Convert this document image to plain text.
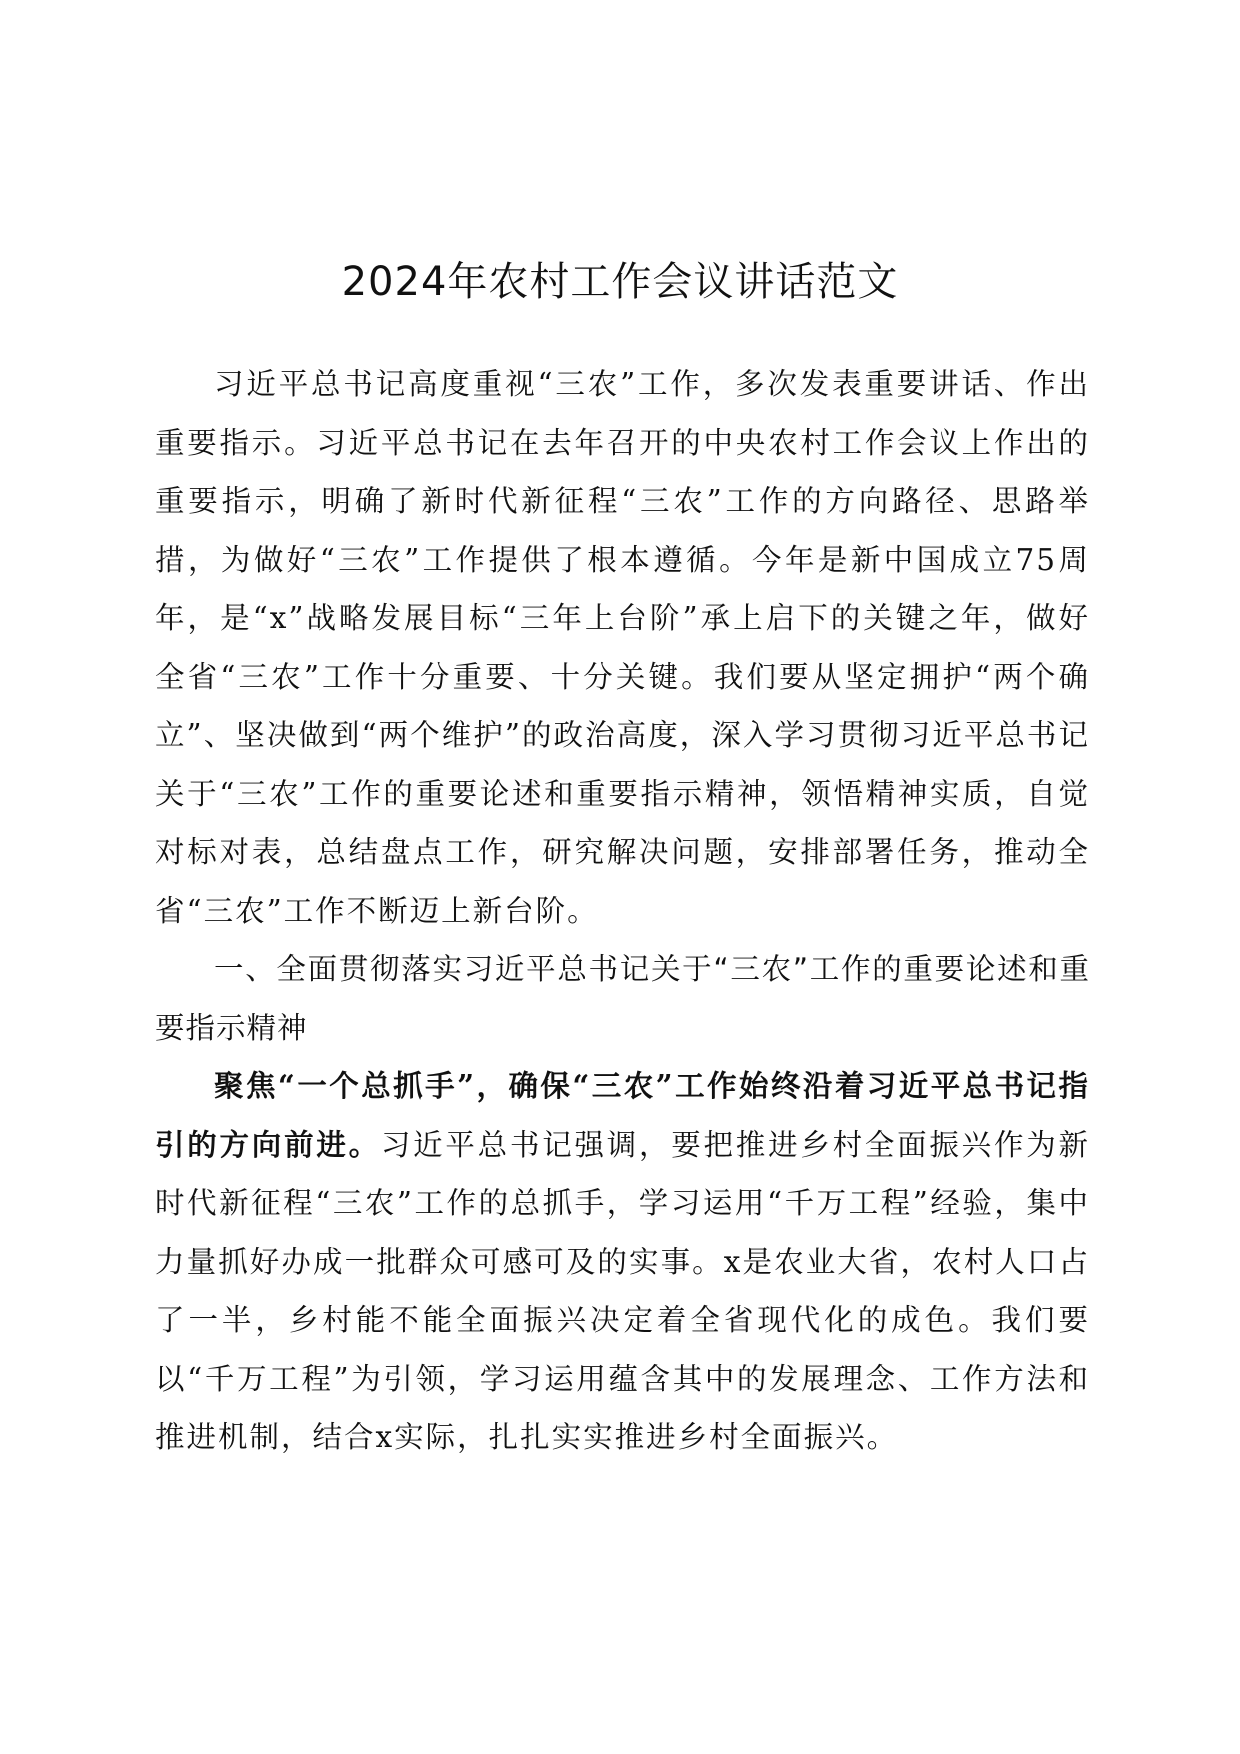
2024年农村工作会议讲话范文

习近平总书记高度重视“三农”工作，多次发表重要讲话、作出重要指示。习近平总书记在去年召开的中央农村工作会议上作出的重要指示，明确了新时代新征程“三农”工作的方向路径、思路举措，为做好“三农”工作提供了根本遵循。今年是新中国成立75周年，是“x”战略发展目标“三年上台阶”承上启下的关键之年，做好全省“三农”工作十分重要、十分关键。我们要从坚定拥护“两个确立”、坚决做到“两个维护”的政治高度，深入学习贯彻习近平总书记关于“三农”工作的重要论述和重要指示精神，领悟精神实质，自觉对标对表，总结盘点工作，研究解决问题，安排部署任务，推动全省“三农”工作不断迈上新台阶。

一、全面贯彻落实习近平总书记关于“三农”工作的重要论述和重要指示精神

聚焦“一个总抓手”，确保“三农”工作始终沿着习近平总书记指引的方向前进。习近平总书记强调，要把推进乡村全面振兴作为新时代新征程“三农”工作的总抓手，学习运用“千万工程”经验，集中力量抓好办成一批群众可感可及的实事。x是农业大省，农村人口占了一半，乡村能不能全面振兴决定着全省现代化的成色。我们要以“千万工程”为引领，学习运用蕴含其中的发展理念、工作方法和推进机制，结合x实际，扎扎实实推进乡村全面振兴。
